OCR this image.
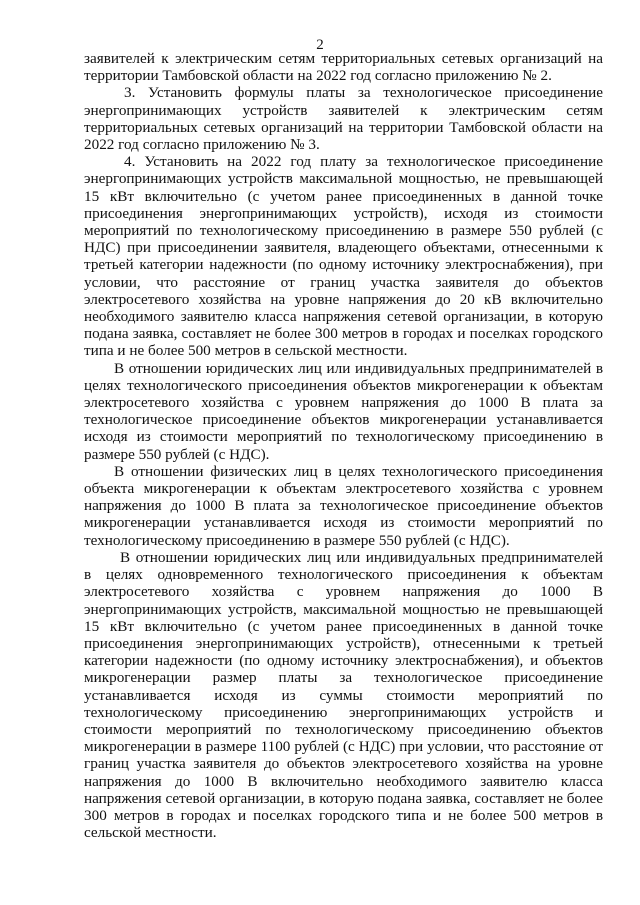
2

заявителей к электрическим сетям территориальных сетевых организаций на территории Тамбовской области на 2022 год согласно приложению № 2.

3. Установить формулы платы за технологическое присоединение энергопринимающих устройств заявителей к электрическим сетям территориальных сетевых организаций на территории Тамбовской области на 2022 год согласно приложению № 3.

4. Установить на 2022 год плату за технологическое присоединение энергопринимающих устройств максимальной мощностью, не превышающей 15 кВт включительно (с учетом ранее присоединенных в данной точке присоединения энергопринимающих устройств), исходя из стоимости мероприятий по технологическому присоединению в размере 550 рублей (с НДС) при присоединении заявителя, владеющего объектами, отнесенными к третьей категории надежности (по одному источнику электроснабжения), при условии, что расстояние от границ участка заявителя до объектов электросетевого хозяйства на уровне напряжения до 20 кВ включительно необходимого заявителю класса напряжения сетевой организации, в которую подана заявка, составляет не более 300 метров в городах и поселках городского типа и не более 500 метров в сельской местности.

В отношении юридических лиц или индивидуальных предпринимателей в целях технологического присоединения объектов микрогенерации к объектам электросетевого хозяйства с уровнем напряжения до 1000 В плата за технологическое присоединение объектов микрогенерации устанавливается исходя из стоимости мероприятий по технологическому присоединению в размере 550 рублей (с НДС).

В отношении физических лиц в целях технологического присоединения объекта микрогенерации к объектам электросетевого хозяйства с уровнем напряжения до 1000 В плата за технологическое присоединение объектов микрогенерации устанавливается исходя из стоимости мероприятий по технологическому присоединению в размере 550 рублей (с НДС).

В отношении юридических лиц или индивидуальных предпринимателей в целях одновременного технологического присоединения к объектам электросетевого хозяйства с уровнем напряжения до 1000 В энергопринимающих устройств, максимальной мощностью не превышающей 15 кВт включительно (с учетом ранее присоединенных в данной точке присоединения энергопринимающих устройств), отнесенными к третьей категории надежности (по одному источнику электроснабжения), и объектов микрогенерации размер платы за технологическое присоединение устанавливается исходя из суммы стоимости мероприятий по технологическому присоединению энергопринимающих устройств и стоимости мероприятий по технологическому присоединению объектов микрогенерации в размере 1100 рублей (с НДС) при условии, что расстояние от границ участка заявителя до объектов электросетевого хозяйства на уровне напряжения до 1000 В включительно необходимого заявителю класса напряжения сетевой организации, в которую подана заявка, составляет не более 300 метров в городах и поселках городского типа и не более 500 метров в сельской местности.
